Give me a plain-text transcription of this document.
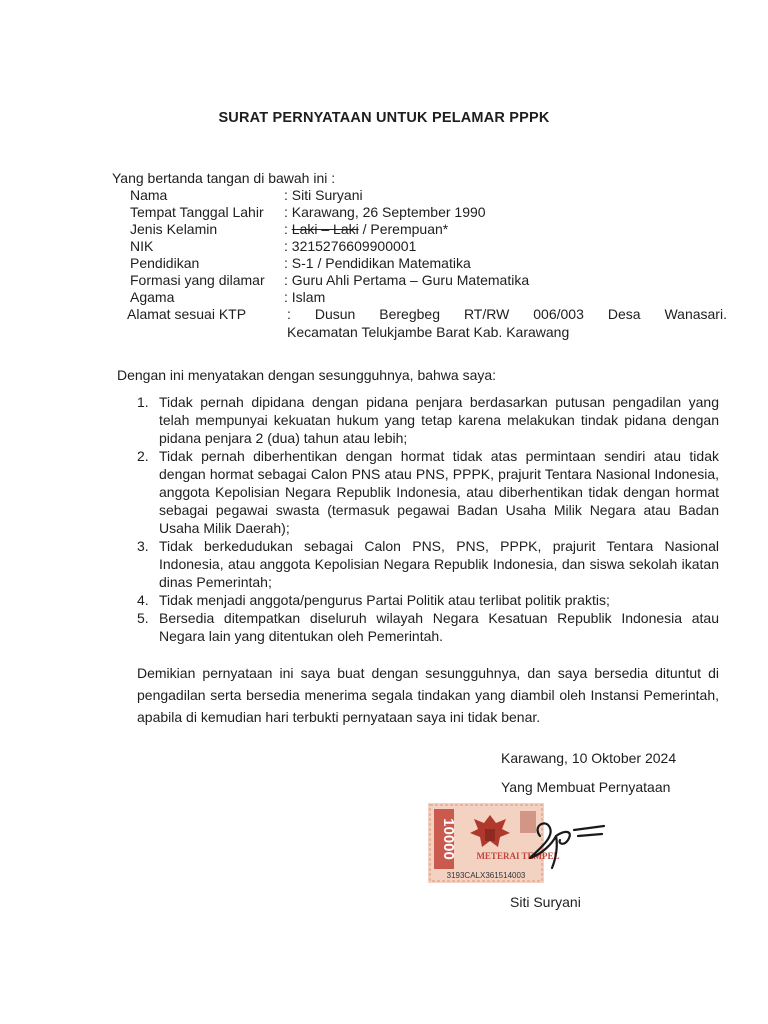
SURAT PERNYATAAN UNTUK PELAMAR PPPK
Yang bertanda tangan di bawah ini :
Nama	: Siti Suryani
Tempat Tanggal Lahir	: Karawang, 26 September 1990
Jenis Kelamin	: Laki – Laki / Perempuan*
NIK	: 3215276609900001
Pendidikan	: S-1 / Pendidikan Matematika
Formasi yang dilamar	: Guru Ahli Pertama – Guru Matematika
Agama	: Islam
Alamat sesuai KTP	: Dusun Beregbeg RT/RW 006/003 Desa Wanasari.
Kecamatan Telukjambe Barat Kab. Karawang
Dengan ini menyatakan dengan sesungguhnya, bahwa saya:
1. Tidak pernah dipidana dengan pidana penjara berdasarkan putusan pengadilan yang telah mempunyai kekuatan hukum yang tetap karena melakukan tindak pidana dengan pidana penjara 2 (dua) tahun atau lebih;
2. Tidak pernah diberhentikan dengan hormat tidak atas permintaan sendiri atau tidak dengan hormat sebagai Calon PNS atau PNS, PPPK, prajurit Tentara Nasional Indonesia, anggota Kepolisian Negara Republik Indonesia, atau diberhentikan tidak dengan hormat sebagai pegawai swasta (termasuk pegawai Badan Usaha Milik Negara atau Badan Usaha Milik Daerah);
3. Tidak berkedudukan sebagai Calon PNS, PNS, PPPK, prajurit Tentara Nasional Indonesia, atau anggota Kepolisian Negara Republik Indonesia, dan siswa sekolah ikatan dinas Pemerintah;
4. Tidak menjadi anggota/pengurus Partai Politik atau terlibat politik praktis;
5. Bersedia ditempatkan diseluruh wilayah Negara Kesatuan Republik Indonesia atau Negara lain yang ditentukan oleh Pemerintah.
Demikian pernyataan ini saya buat dengan sesungguhnya, dan saya bersedia dituntut di pengadilan serta bersedia menerima segala tindakan yang diambil oleh Instansi Pemerintah, apabila di kemudian hari terbukti pernyataan saya ini tidak benar.
Karawang, 10 Oktober 2024
Yang Membuat Pernyataan
10000 METERAI TEMPEL
3193CALX361514003
Siti Suryani
